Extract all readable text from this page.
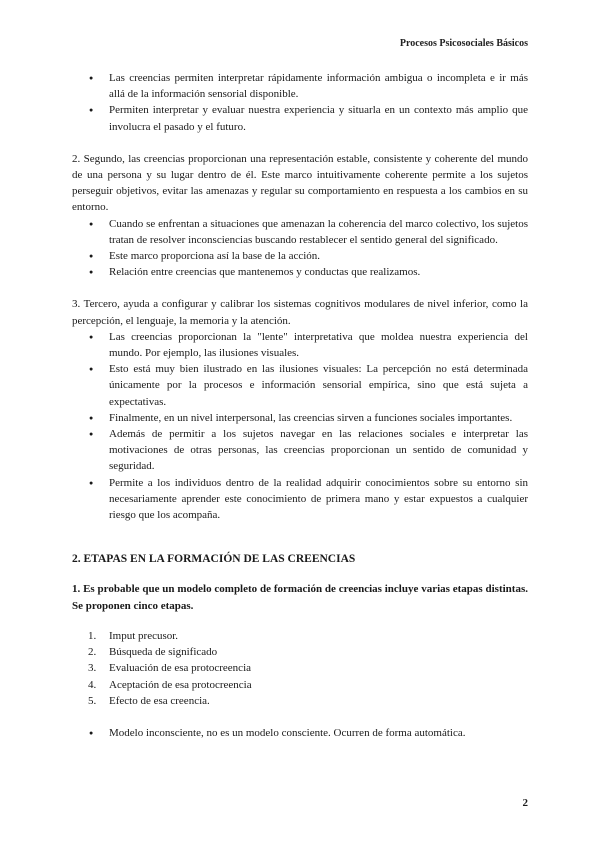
Procesos Psicosociales Básicos
● Las creencias permiten interpretar rápidamente información ambigua o incompleta e ir más allá de la información sensorial disponible.
● Permiten interpretar y evaluar nuestra experiencia y situarla en un contexto más amplio que involucra el pasado y el futuro.

2. Segundo, las creencias proporcionan una representación estable, consistente y coherente del mundo de una persona y su lugar dentro de él. Este marco intuitivamente coherente permite a los sujetos perseguir objetivos, evitar las amenazas y regular su comportamiento en respuesta a los cambios en su entorno.

● Cuando se enfrentan a situaciones que amenazan la coherencia del marco colectivo, los sujetos tratan de resolver inconsciencias buscando restablecer el sentido general del significado.
● Este marco proporciona así la base de la acción.
● Relación entre creencias que mantenemos y conductas que realizamos.

3. Tercero, ayuda a configurar y calibrar los sistemas cognitivos modulares de nivel inferior, como la percepción, el lenguaje, la memoria y la atención.

● Las creencias proporcionan la "lente" interpretativa que moldea nuestra experiencia del mundo. Por ejemplo, las ilusiones visuales.
● Esto está muy bien ilustrado en las ilusiones visuales: La percepción no está determinada únicamente por la procesos e información sensorial empírica, sino que está sujeta a expectativas.
● Finalmente, en un nivel interpersonal, las creencias sirven a funciones sociales importantes.
● Además de permitir a los sujetos navegar en las relaciones sociales e interpretar las motivaciones de otras personas, las creencias proporcionan un sentido de comunidad y seguridad.
● Permite a los individuos dentro de la realidad adquirir conocimientos sobre su entorno sin necesariamente aprender este conocimiento de primera mano y estar expuestos a cualquier riesgo que los acompaña.
2. ETAPAS EN LA FORMACIÓN DE LAS CREENCIAS

1. Es probable que un modelo completo de formación de creencias incluye varias etapas distintas. Se proponen cinco etapas.

1. Imput precusor.
2. Búsqueda de significado
3. Evaluación de esa protocreencia
4. Aceptación de esa protocreencia
5. Efecto de esa creencia.
● Modelo inconsciente, no es un modelo consciente. Ocurren de forma automática.
2
